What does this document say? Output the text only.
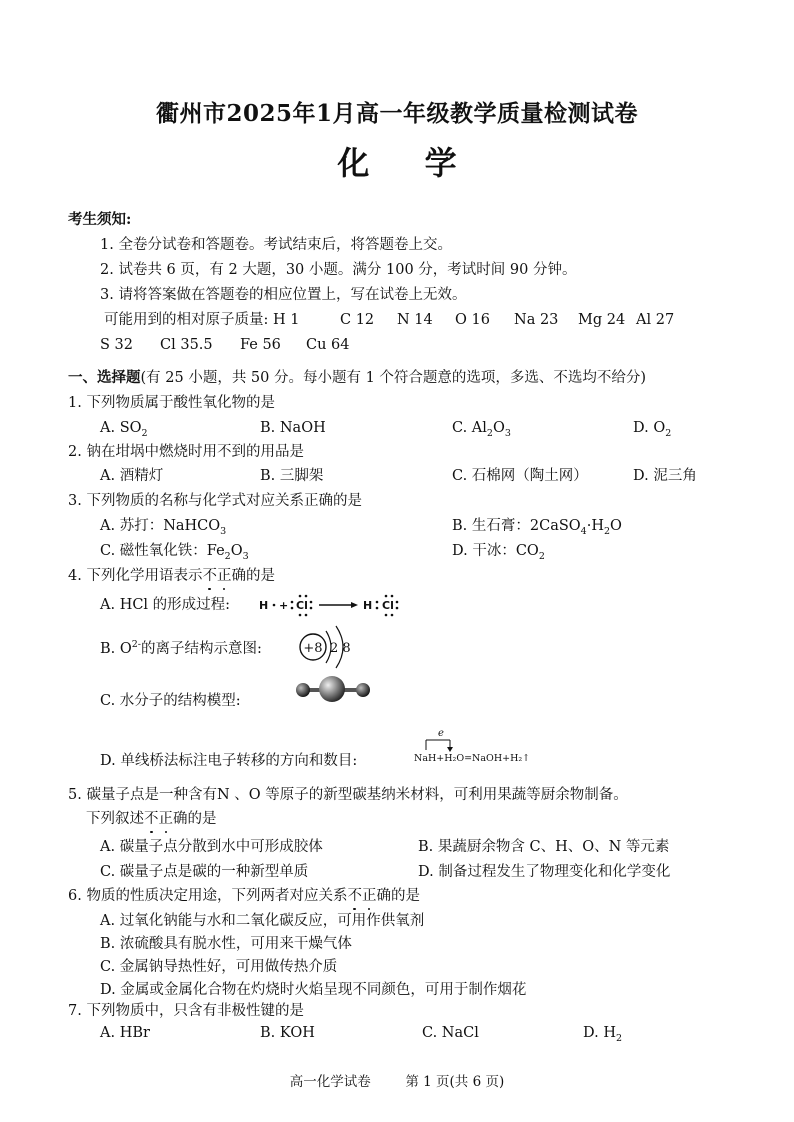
衢州市2025年1月高一年级教学质量检测试卷
化 学
考生须知:
1. 全卷分试卷和答题卷。考试结束后，将答题卷上交。
2. 试卷共 6 页，有 2 大题，30 小题。满分 100 分，考试时间 90 分钟。
3. 请将答案做在答题卷的相应位置上，写在试卷上无效。
可能用到的相对原子质量: H 1	C 12 N 14 O 16 Na 23 Mg 24 Al 27
S 32 Cl 35.5 Fe 56 Cu 64
一、选择题(有 25 小题，共 50 分。每小题有 1 个符合题意的选项，多选、不选均不给分)
1. 下列物质属于酸性氧化物的是
A. $SO_2$	B. NaOH	C. $Al_2O_3$	D. $O_2$
2. 钠在坩埚中燃烧时用不到的用品是
A. 酒精灯	B. 三脚架	C. 石棉网（陶土网）	D. 泥三角
3. 下列物质的名称与化学式对应关系正确的是
A. 苏打：NaHCO$_3$	B. 生石膏：$2CaSO_4\cdot H_2O$
C. 磁性氧化铁：$Fe_2O_3$	D. 干冰：$CO_2$
4. 下列化学用语表示不正确的是
A. HCl 的形成过程:	H + Cl	H Cl
B. $O^{2-}$的离子结构示意图:	+8 2 8
C. 水分子的结构模型:
D. 单线桥法标注电子转移的方向和数目:
e
NaH+H₂O=NaOH+H₂↑
5. 碳量子点是一种含有N 、O 等原子的新型碳基纳米材料，可利用果蔬等厨余物制备。
下列叙述不正确的是
A. 碳量子点分散到水中可形成胶体	B. 果蔬厨余物含 C、H、O、N 等元素
C. 碳量子点是碳的一种新型单质	D. 制备过程发生了物理变化和化学变化
6. 物质的性质决定用途，下列两者对应关系不正确的是
A. 过氧化钠能与水和二氧化碳反应，可用作供氧剂
B. 浓硫酸具有脱水性，可用来干燥气体
C. 金属钠导热性好，可用做传热介质
D. 金属或金属化合物在灼烧时火焰呈现不同颜色，可用于制作烟花
7. 下列物质中，只含有非极性键的是
A. HBr	B. KOH	C. NaCl	D. $H_2$
高一化学试卷	第 1 页(共 6 页)
